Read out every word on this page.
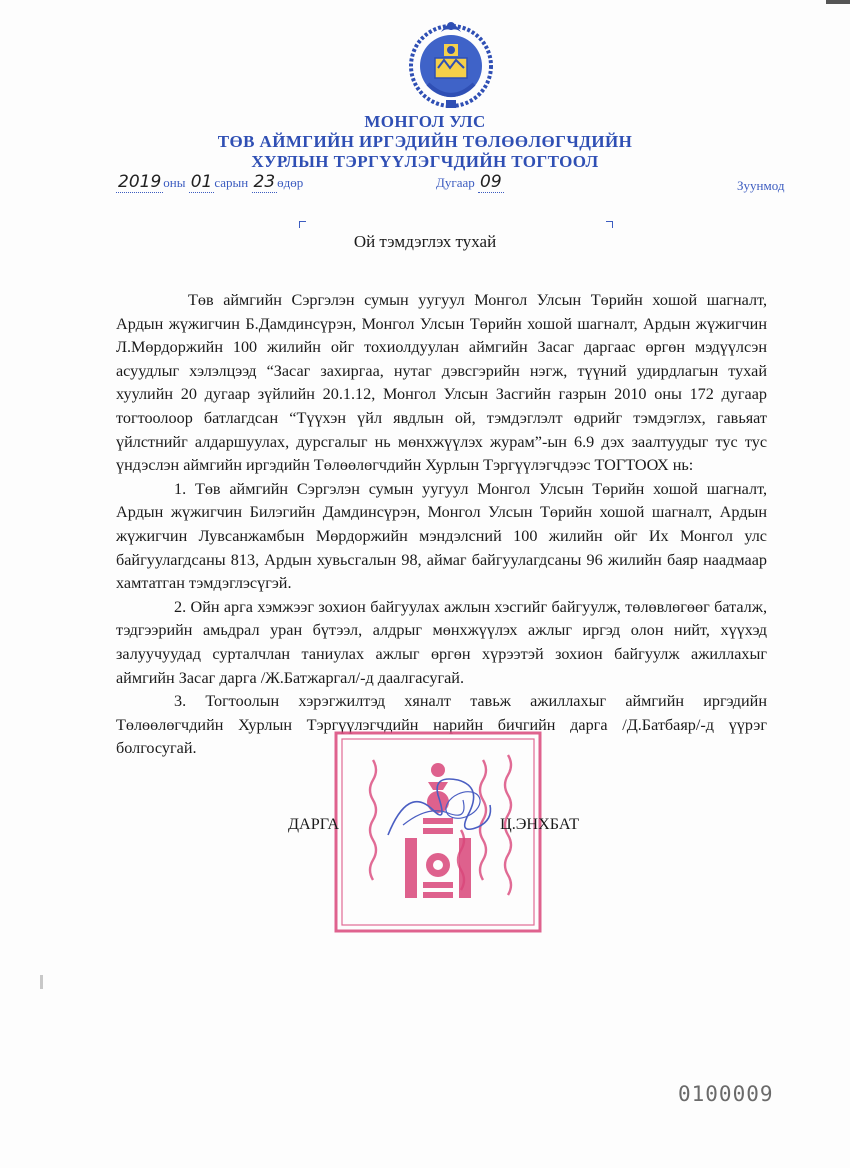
МОНГОЛ УЛС
ТӨВ АЙМГИЙН ИРГЭДИЙН ТӨЛӨӨЛӨГЧДИЙН
ХУРЛЫН ТЭРГҮҮЛЭГЧДИЙН ТОГТООЛ
2019 оны 01 сарын 23 өдөр	Дугаар 09	Зуунмод
Ой тэмдэглэх тухай

Төв аймгийн Сэргэлэн сумын уугуул Монгол Улсын Төрийн хошой шагналт, Ардын жүжигчин Б.Дамдинсүрэн, Монгол Улсын Төрийн хошой шагналт, Ардын жүжигчин Л.Мөрдоржийн 100 жилийн ойг тохиолдуулан аймгийн Засаг даргаас өргөн мэдүүлсэн асуудлыг хэлэлцээд “Засаг захиргаа, нутаг дэвсгэрийн нэгж, түүний удирдлагын тухай хуулийн 20 дугаар зүйлийн 20.1.12, Монгол Улсын Засгийн газрын 2010 оны 172 дугаар тогтоолоор батлагдсан “Түүхэн үйл явдлын ой, тэмдэглэлт өдрийг тэмдэглэх, гавьяат үйлстнийг алдаршуулах, дурсгалыг нь мөнхжүүлэх журам”-ын 6.9 дэх заалтуудыг тус тус үндэслэн аймгийн иргэдийн Төлөөлөгчдийн Хурлын Тэргүүлэгчдээс ТОГТООХ нь:

1. Төв аймгийн Сэргэлэн сумын уугуул Монгол Улсын Төрийн хошой шагналт, Ардын жүжигчин Билэгийн Дамдинсүрэн, Монгол Улсын Төрийн хошой шагналт, Ардын жүжигчин Лувсанжамбын Мөрдоржийн мэндэлсний 100 жилийн ойг Их Монгол улс байгуулагдсаны 813, Ардын хувьсгалын 98, аймаг байгуулагдсаны 96 жилийн баяр наадмаар хамтатган тэмдэглэсүгэй.

2. Ойн арга хэмжээг зохион байгуулах ажлын хэсгийг байгуулж, төлөвлөгөөг баталж, тэдгээрийн амьдрал уран бүтээл, алдрыг мөнхжүүлэх ажлыг иргэд олон нийт, хүүхэд залуучуудад сурталчлан таниулах ажлыг өргөн хүрээтэй зохион байгуулж ажиллахыг аймгийн Засаг дарга /Ж.Батжаргал/-д даалгасугай.

3. Тогтоолын хэрэгжилтэд хяналт тавьж ажиллахыг аймгийн иргэдийн Төлөөлөгчдийн Хурлын Тэргүүлэгчдийн нарийн бичгийн дарга /Д.Батбаяр/-д үүрэг болгосугай.

ДАРГА	Ц.ЭНХБАТ
0100009
